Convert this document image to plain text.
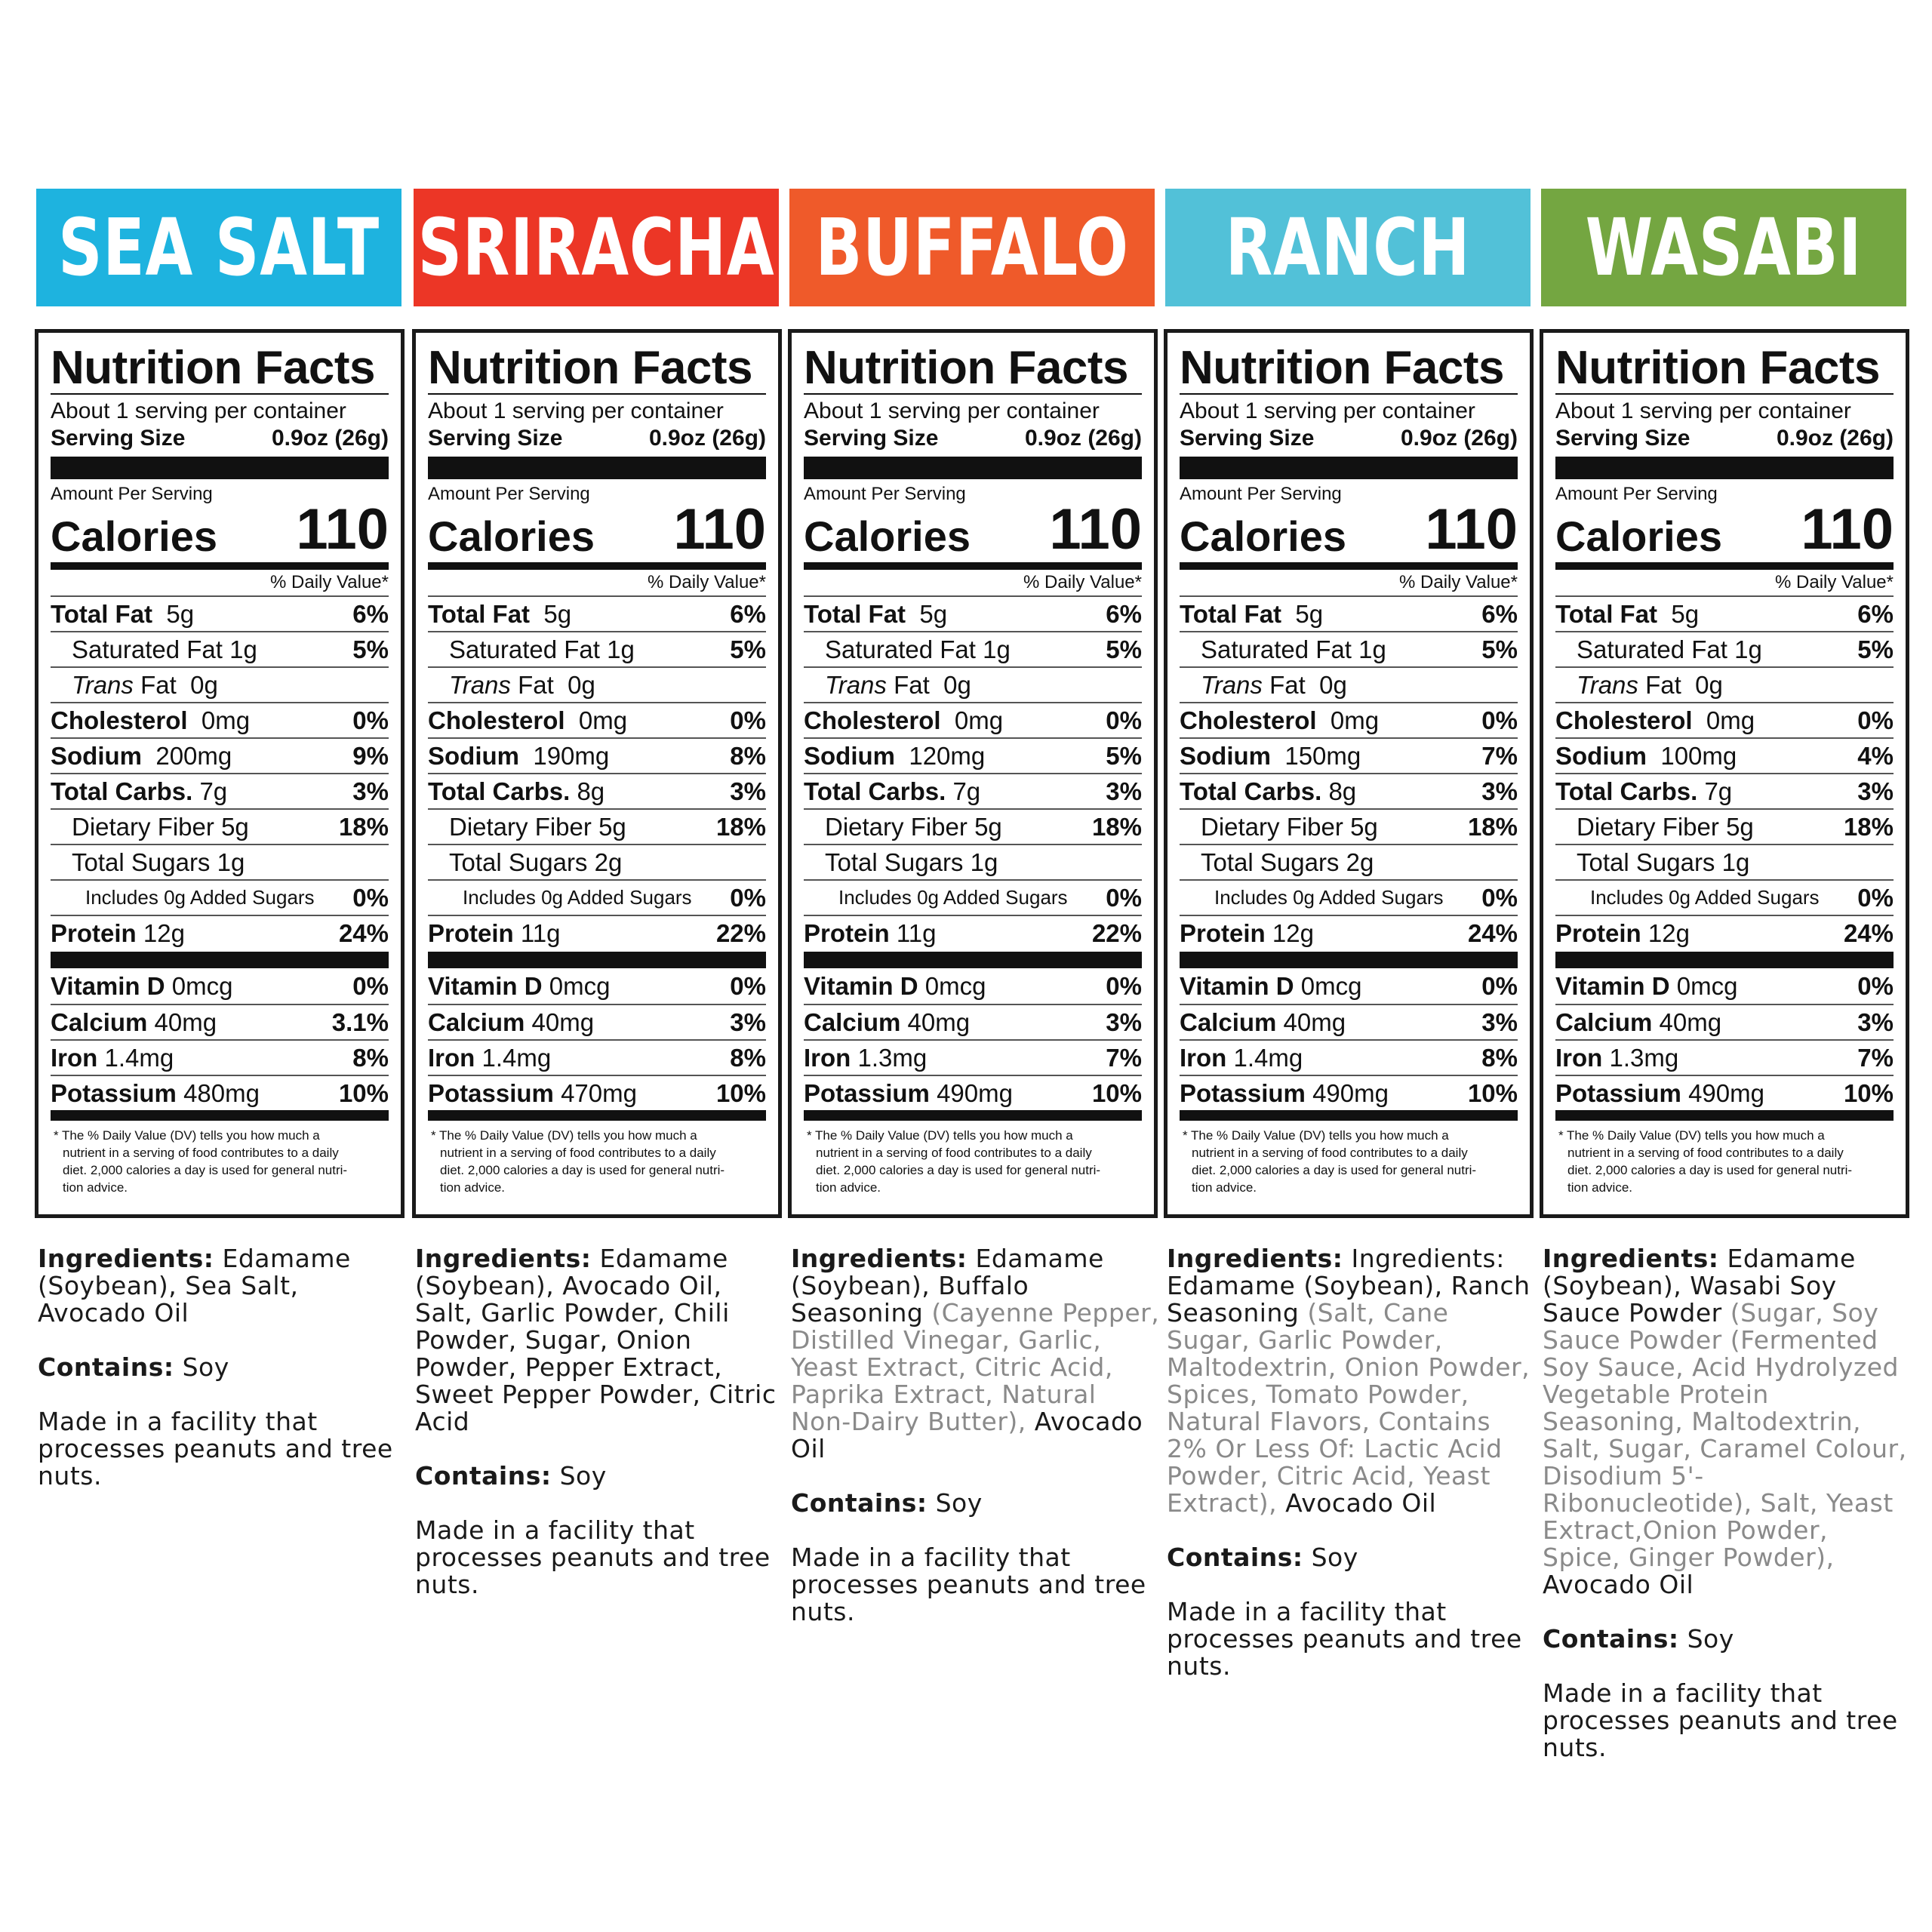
SEA SALT SRIRACHA BUFFALO RANCH WASABI
Nutrition Facts
About 1 serving per container
Serving Size	0.9oz (26g)
Amount Per Serving
Calories 110
% Daily Value*
Total Fat 5g	6%
Saturated Fat 1g	5%
Trans Fat 0g
Cholesterol 0mg	0%
Sodium 200mg	9%
Total Carbs. 7g	3%
Dietary Fiber 5g	18%
Total Sugars 1g
Includes 0g Added Sugars 0%
Protein 12g	24%
Vitamin D 0mcg	0%
Calcium 40mg	3.1%
Iron 1.4mg	8%
Potassium 480mg	10%

* The % Daily Value (DV) tells you how much a

nutrient in a serving of food contributes to a daily

diet. 2,000 calories a day is used for general nutri-

tion advice.

Nutrition Facts
About 1 serving per container
Serving Size	0.9oz (26g)
Amount Per Serving
Calories 110
% Daily Value*
Total Fat 5g	6%
Saturated Fat 1g	5%
Trans Fat 0g
Cholesterol 0mg	0%
Sodium 190mg	8%
Total Carbs. 8g	3%
Dietary Fiber 5g	18%
Total Sugars 2g
Includes 0g Added Sugars 0%
Protein 11g	22%
Vitamin D 0mcg	0%
Calcium 40mg	3%
Iron 1.4mg	8%
Potassium 470mg	10%

* The % Daily Value (DV) tells you how much a

nutrient in a serving of food contributes to a daily

diet. 2,000 calories a day is used for general nutri-

tion advice.

Nutrition Facts
About 1 serving per container
Serving Size	0.9oz (26g)
Amount Per Serving
Calories 110
% Daily Value*
Total Fat 5g	6%
Saturated Fat 1g	5%
Trans Fat 0g
Cholesterol 0mg	0%
Sodium 120mg	5%
Total Carbs. 7g	3%
Dietary Fiber 5g	18%
Total Sugars 1g
Includes 0g Added Sugars 0%
Protein 11g	22%
Vitamin D 0mcg	0%
Calcium 40mg	3%
Iron 1.3mg	7%
Potassium 490mg	10%

* The % Daily Value (DV) tells you how much a

nutrient in a serving of food contributes to a daily

diet. 2,000 calories a day is used for general nutri-

tion advice.

Nutrition Facts
About 1 serving per container
Serving Size	0.9oz (26g)
Amount Per Serving
Calories 110
% Daily Value*
Total Fat 5g	6%
Saturated Fat 1g	5%
Trans Fat 0g
Cholesterol 0mg	0%
Sodium 150mg	7%
Total Carbs. 8g	3%
Dietary Fiber 5g	18%
Total Sugars 2g
Includes 0g Added Sugars 0%
Protein 12g	24%
Vitamin D 0mcg	0%
Calcium 40mg	3%
Iron 1.4mg	8%
Potassium 490mg	10%

* The % Daily Value (DV) tells you how much a

nutrient in a serving of food contributes to a daily

diet. 2,000 calories a day is used for general nutri-

tion advice.

Nutrition Facts
About 1 serving per container
Serving Size	0.9oz (26g)
Amount Per Serving
Calories 110
% Daily Value*
Total Fat 5g	6%
Saturated Fat 1g	5%
Trans Fat 0g
Cholesterol 0mg	0%
Sodium 100mg	4%
Total Carbs. 7g	3%
Dietary Fiber 5g	18%
Total Sugars 1g
Includes 0g Added Sugars 0%
Protein 12g	24%
Vitamin D 0mcg	0%
Calcium 40mg	3%
Iron 1.3mg	7%
Potassium 490mg	10%

* The % Daily Value (DV) tells you how much a

nutrient in a serving of food contributes to a daily

diet. 2,000 calories a day is used for general nutri-

tion advice.

Ingredients: Edamame (Soybean), Sea Salt, Avocado Oil
Contains: Soy
Made in a facility that processes peanuts and tree nuts.
Ingredients: Edamame (Soybean), Avocado Oil, Salt, Garlic Powder, Chili Powder, Sugar, Onion Powder, Pepper Extract, Sweet Pepper Powder, Citric Acid
Contains: Soy
Made in a facility that processes peanuts and tree nuts.
Ingredients: Edamame (Soybean), Buffalo Seasoning (Cayenne Pepper, Distilled Vinegar, Garlic, Yeast Extract, Citric Acid, Paprika Extract, Natural Non-Dairy Butter), Avocado Oil
Contains: Soy
Made in a facility that processes peanuts and tree nuts.
Ingredients: Ingredients: Edamame (Soybean), Ranch Seasoning (Salt, Cane Sugar, Garlic Powder, Maltodextrin, Onion Powder, Spices, Tomato Powder, Natural Flavors, Contains 2% Or Less Of: Lactic Acid Powder, Citric Acid, Yeast Extract), Avocado Oil
Contains: Soy
Made in a facility that processes peanuts and tree nuts.
Ingredients: Edamame (Soybean), Wasabi Soy Sauce Powder (Sugar, Soy Sauce Powder (Fermented Soy Sauce, Acid Hydrolyzed Vegetable Protein Seasoning, Maltodextrin, Salt, Sugar, Caramel Colour, Disodium 5'-Ribonucleotide), Salt, Yeast Extract,Onion Powder, Spice, Ginger Powder), Avocado Oil
Contains: Soy
Made in a facility that processes peanuts and tree nuts.
